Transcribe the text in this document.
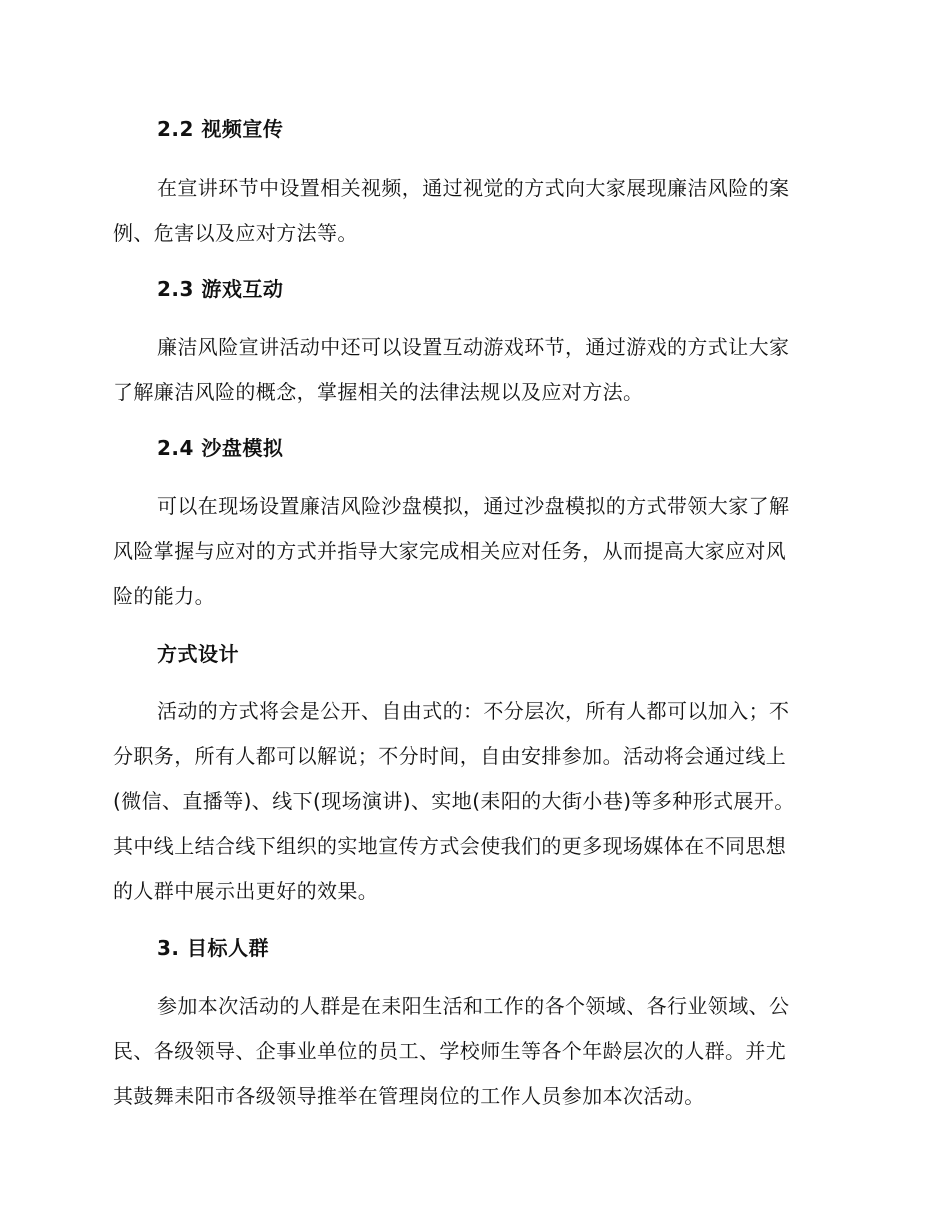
2.2 视频宣传
在宣讲环节中设置相关视频，通过视觉的方式向大家展现廉洁风险的案
例、危害以及应对方法等。
2.3 游戏互动
廉洁风险宣讲活动中还可以设置互动游戏环节，通过游戏的方式让大家
了解廉洁风险的概念，掌握相关的法律法规以及应对方法。
2.4 沙盘模拟
可以在现场设置廉洁风险沙盘模拟，通过沙盘模拟的方式带领大家了解
风险掌握与应对的方式并指导大家完成相关应对任务，从而提高大家应对风
险的能力。
方式设计
活动的方式将会是公开、自由式的：不分层次，所有人都可以加入；不
分职务，所有人都可以解说；不分时间，自由安排参加。活动将会通过线上
(微信、直播等)、线下(现场演讲)、实地(耒阳的大街小巷)等多种形式展开。
其中线上结合线下组织的实地宣传方式会使我们的更多现场媒体在不同思想
的人群中展示出更好的效果。
3. 目标人群
参加本次活动的人群是在耒阳生活和工作的各个领域、各行业领域、公
民、各级领导、企事业单位的员工、学校师生等各个年龄层次的人群。并尤
其鼓舞耒阳市各级领导推举在管理岗位的工作人员参加本次活动。
